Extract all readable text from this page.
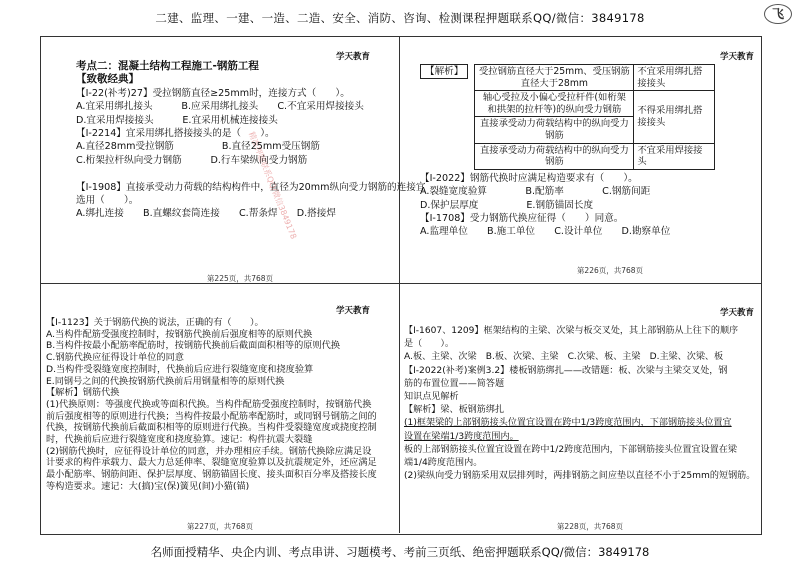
二建、监理、一建、一造、二造、安全、消防、咨询、检测课程押题联系QQ/微信：3849178	飞
精准押题联系QQ/微信3849178
学天教育

考点二：混凝土结构工程施工-钢筋工程

【致敬经典】

【Ⅰ-22(补考)27】受拉钢筋直径≥25mm时，连接方式（　　）。

A.宜采用绑扎接头　　　B.应采用绑扎接头　　C.不宜采用焊接接头

D.宜采用焊接接头　　　E.宜采用机械连接接头

【Ⅰ-2214】宜采用绑扎搭接接头的是（　　）。

A.直径28mm受拉钢筋　　　　　B.直径25mm受压钢筋

C.桁架拉杆纵向受力钢筋　　　D.行车梁纵向受力钢筋

【Ⅰ-1908】直接承受动力荷载的结构构件中，直径为20mm纵向受力钢筋的连接宜

选用（　　）。

A.绑扎连接　　B.直螺纹套筒连接　　C.帮条焊　　D.搭接焊

第225页，共768页
学天教育
【解析】	受拉钢筋直径大于25mm、受压钢筋直径大于28mm	不宜采用绑扎搭接接头
轴心受拉及小偏心受拉杆件(如桁架和拱架的拉杆等)的纵向受力钢筋	不得采用绑扎搭接接头
直接承受动力荷载结构中的纵向受力钢筋	
直接承受动力荷载结构中的纵向受力钢筋	不宜采用焊接接头

【Ⅰ-2022】钢筋代换时应满足构造要求有（　　）。

A.裂缝宽度验算　　　　B.配筋率　　　　C.钢筋间距

D.保护层厚度　　　　　E.钢筋锚固长度

【Ⅰ-1708】受力钢筋代换应征得（　　）同意。

A.监理单位　　B.施工单位　　C.设计单位　　D.勘察单位

第226页，共768页
学天教育

【Ⅰ-1123】关于钢筋代换的说法，正确的有（　　）。

A.当构件配筋受强度控制时，按钢筋代换前后强度相等的原则代换

B.当构件按最小配筋率配筋时，按钢筋代换前后截面面积相等的原则代换

C.钢筋代换应征得设计单位的同意

D.当构件受裂缝宽度控制时，代换前后应进行裂缝宽度和挠度验算

E.同钢号之间的代换按钢筋代换前后用钢量相等的原则代换

【解析】钢筋代换

(1)代换原则：等强度代换或等面积代换。当构件配筋受强度控制时，按钢筋代换

前后强度相等的原则进行代换；当构件按最小配筋率配筋时，或同钢号钢筋之间的

代换，按钢筋代换前后截面积相等的原则进行代换。当构件受裂缝宽度或挠度控制

时，代换前后应进行裂缝宽度和挠度验算。速记：构件抗震大裂缝

(2)钢筋代换时，应征得设计单位的同意，并办理相应手续。钢筋代换除应满足设

计要求的构件承载力、最大力总延伸率、裂缝宽度验算以及抗震规定外，还应满足

最小配筋率、钢筋间距、保护层厚度、钢筋锚固长度、接头面积百分率及搭接长度

等构造要求。速记：大(搞)宝(保)簧见(间)小猫(锚)

第227页，共768页
学天教育

【Ⅰ-1607、1209】框架结构的主梁、次梁与板交叉处，其上部钢筋从上往下的顺序

是（　　）。

A.板、主梁、次梁　B.板、次梁、主梁　C.次梁、板、主梁　D.主梁、次梁、板

【Ⅰ-2022(补考)案例3.2】楼板钢筋绑扎——改错题：板、次梁与主梁交叉处，钢

筋的布置位置——简答题

知识点见解析

【解析】梁、板钢筋绑扎

(1)框架梁的上部钢筋接头位置宜设置在跨中1/3跨度范围内，下部钢筋接头位置宜

设置在梁端1/3跨度范围内。

板的上部钢筋接头位置宜设置在跨中1/2跨度范围内，下部钢筋接头位置宜设置在梁

端1/4跨度范围内。

(2)梁纵向受力钢筋采用双层排列时，两排钢筋之间应垫以直径不小于25mm的短钢筋。

第228页，共768页
名师面授精华、央企内训、考点串讲、习题模考、考前三页纸、绝密押题联系QQ/微信：3849178
